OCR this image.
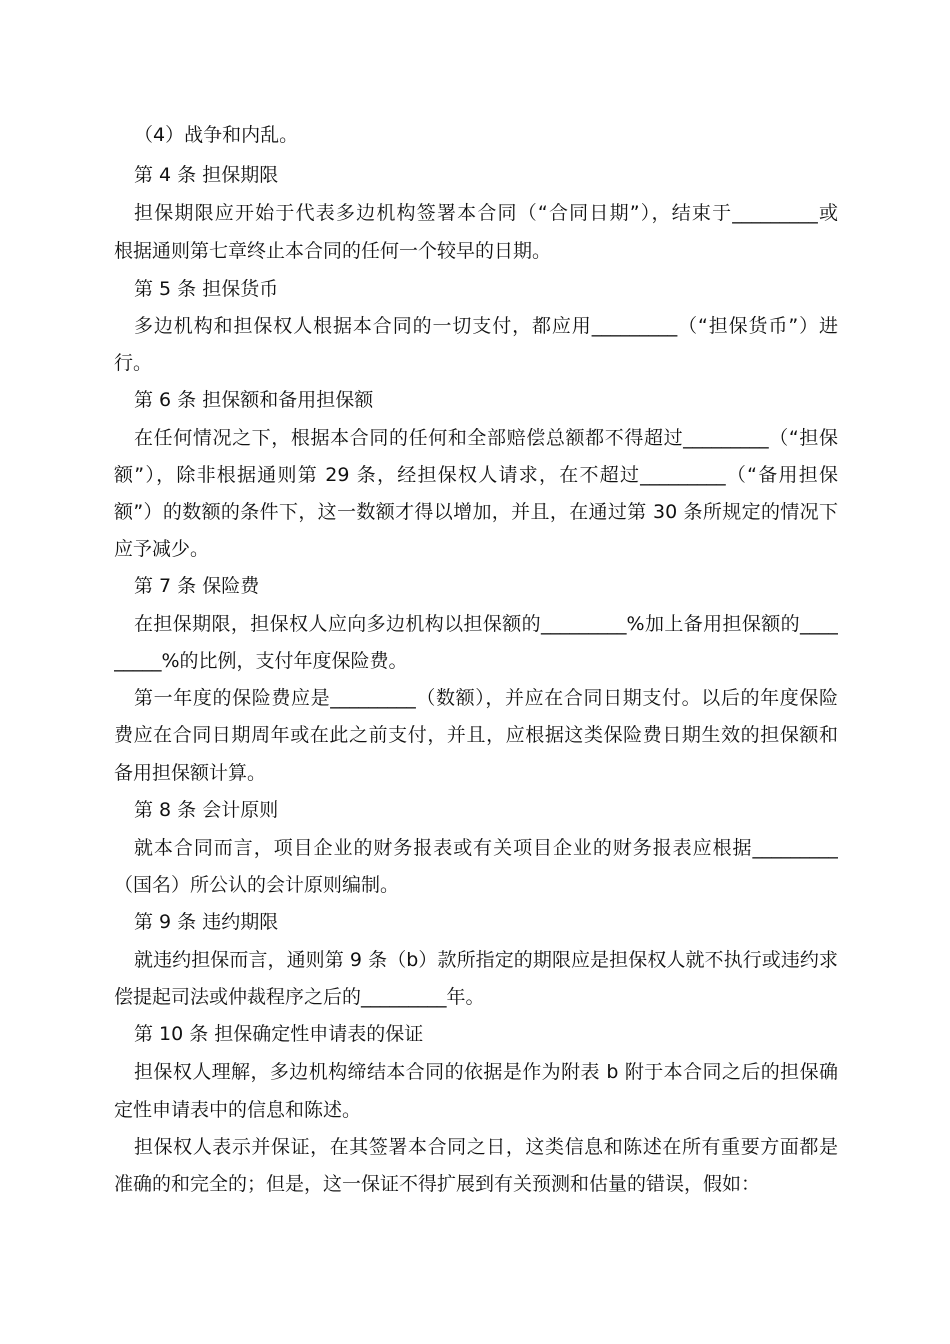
（4）战争和内乱。
第 4 条 担保期限
担保期限应开始于代表多边机构签署本合同（“合同日期”），结束于_________或
根据通则第七章终止本合同的任何一个较早的日期。
第 5 条 担保货币
多边机构和担保权人根据本合同的一切支付，都应用_________（“担保货币”）进
行。
第 6 条 担保额和备用担保额
在任何情况之下，根据本合同的任何和全部赔偿总额都不得超过_________（“担保
额”），除非根据通则第 29 条，经担保权人请求，在不超过_________（“备用担保
额”）的数额的条件下，这一数额才得以增加，并且，在通过第 30 条所规定的情况下
应予减少。
第 7 条 保险费
在担保期限，担保权人应向多边机构以担保额的_________%加上备用担保额的____
_____%的比例，支付年度保险费。
第一年度的保险费应是_________（数额），并应在合同日期支付。以后的年度保险
费应在合同日期周年或在此之前支付，并且，应根据这类保险费日期生效的担保额和
备用担保额计算。
第 8 条 会计原则
就本合同而言，项目企业的财务报表或有关项目企业的财务报表应根据_________
（国名）所公认的会计原则编制。
第 9 条 违约期限
就违约担保而言，通则第 9 条（b）款所指定的期限应是担保权人就不执行或违约求
偿提起司法或仲裁程序之后的_________年。
第 10 条 担保确定性申请表的保证
担保权人理解，多边机构缔结本合同的依据是作为附表 b 附于本合同之后的担保确
定性申请表中的信息和陈述。
担保权人表示并保证，在其签署本合同之日，这类信息和陈述在所有重要方面都是
准确的和完全的；但是，这一保证不得扩展到有关预测和估量的错误，假如：
